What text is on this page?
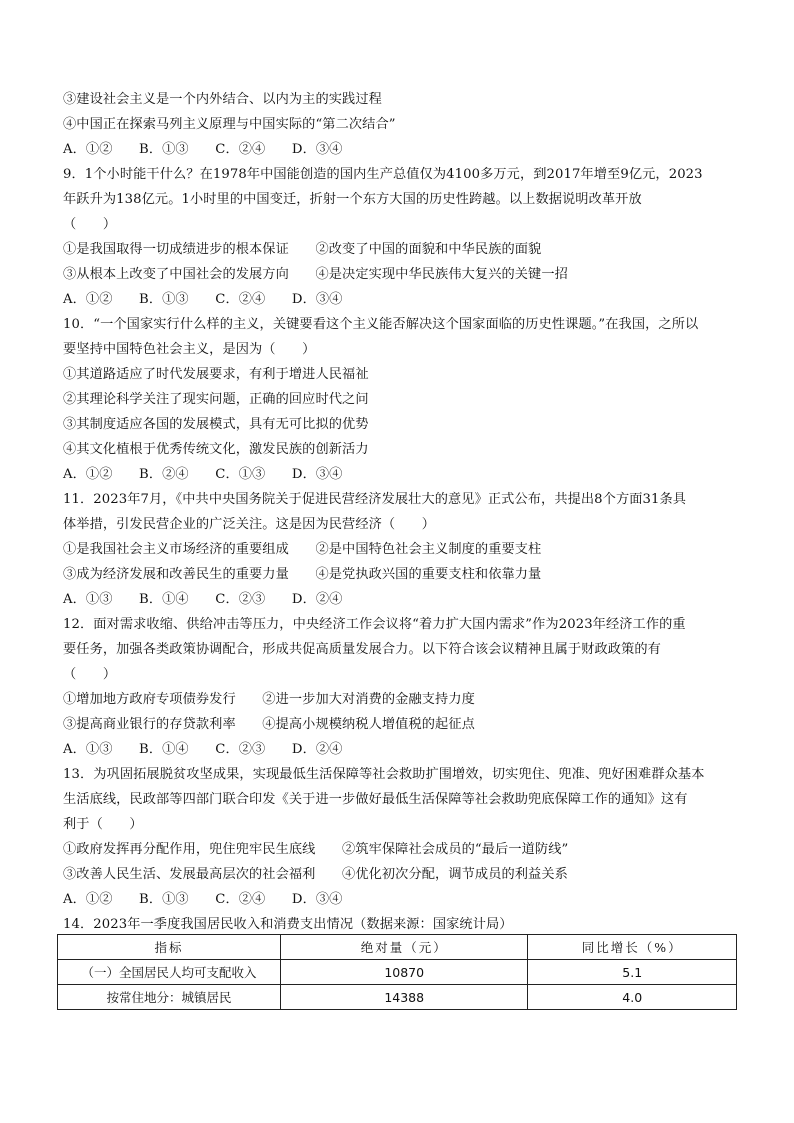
③建设社会主义是一个内外结合、以内为主的实践过程
④中国正在探索马列主义原理与中国实际的“第二次结合”
A．①②　　B．①③　　C．②④　　D．③④
9．1个小时能干什么？在1978年中国能创造的国内生产总值仅为4100多万元，到2017年增至9亿元，2023
年跃升为138亿元。1小时里的中国变迁，折射一个东方大国的历史性跨越。以上数据说明改革开放
（　　）
①是我国取得一切成绩进步的根本保证　　②改变了中国的面貌和中华民族的面貌
③从根本上改变了中国社会的发展方向　　④是决定实现中华民族伟大复兴的关键一招
A．①②　　B．①③　　C．②④　　D．③④
10．“一个国家实行什么样的主义，关键要看这个主义能否解决这个国家面临的历史性课题。”在我国，之所以
要坚持中国特色社会主义，是因为（　　）
①其道路适应了时代发展要求，有利于增进人民福祉
②其理论科学关注了现实问题，正确的回应时代之问
③其制度适应各国的发展模式，具有无可比拟的优势
④其文化植根于优秀传统文化，激发民族的创新活力
A．①②　　B．②④　　C．①③　　D．③④
11．2023年7月，《中共中央国务院关于促进民营经济发展壮大的意见》正式公布，共提出8个方面31条具
体举措，引发民营企业的广泛关注。这是因为民营经济（　　）
①是我国社会主义市场经济的重要组成　　②是中国特色社会主义制度的重要支柱
③成为经济发展和改善民生的重要力量　　④是党执政兴国的重要支柱和依靠力量
A．①③　　B．①④　　C．②③　　D．②④
12．面对需求收缩、供给冲击等压力，中央经济工作会议将“着力扩大国内需求”作为2023年经济工作的重
要任务，加强各类政策协调配合，形成共促高质量发展合力。以下符合该会议精神且属于财政政策的有
（　　）
①增加地方政府专项债券发行　　②进一步加大对消费的金融支持力度
③提高商业银行的存贷款利率　　④提高小规模纳税人增值税的起征点
A．①③　　B．①④　　C．②③　　D．②④
13．为巩固拓展脱贫攻坚成果，实现最低生活保障等社会救助扩围增效，切实兜住、兜准、兜好困难群众基本
生活底线，民政部等四部门联合印发《关于进一步做好最低生活保障等社会救助兜底保障工作的通知》这有
利于（　　）
①政府发挥再分配作用，兜住兜牢民生底线　　②筑牢保障社会成员的“最后一道防线”
③改善人民生活、发展最高层次的社会福利　　④优化初次分配，调节成员的利益关系
A．①②　　B．①③　　C．②④　　D．③④
14．2023年一季度我国居民收入和消费支出情况（数据来源：国家统计局）
指标	绝对量（元）	同比增长（%）
（一）全国居民人均可支配收入	10870	5.1
按常住地分：城镇居民	14388	4.0
